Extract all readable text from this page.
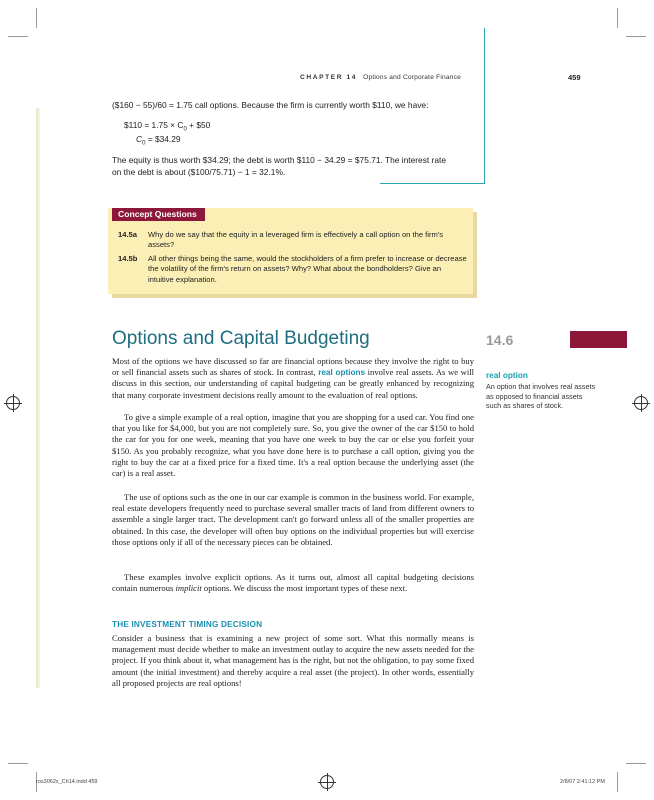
CHAPTER 14 Options and Corporate Finance	459
($160 − 55)/60 = 1.75 call options. Because the firm is currently worth $110, we have:
$110 = $1.75 \times C_0$ + $50
$C_0$ = $34.29
The equity is thus worth $34.29; the debt is worth $110 − 34.29 = $75.71. The interest rate
on the debt is about ($100/75.71) − 1 = 32.1%.
Concept Questions
14.5a Why do we say that the equity in a leveraged firm is effectively a call option on the firm's assets?
14.5b All other things being the same, would the stockholders of a firm prefer to increase or decrease the volatility of the firm's return on assets? Why? What about the bondholders? Give an intuitive explanation.
Options and Capital Budgeting	14.6
real option
An option that involves real assets as opposed to financial assets such as shares of stock.
Most of the options we have discussed so far are financial options because they involve the right to buy or sell financial assets such as shares of stock. In contrast, real options involve real assets. As we will discuss in this section, our understanding of capital budgeting can be greatly enhanced by recognizing that many corporate investment decisions really amount to the evaluation of real options.
To give a simple example of a real option, imagine that you are shopping for a used car. You find one that you like for $4,000, but you are not completely sure. So, you give the owner of the car $150 to hold the car for you for one week, meaning that you have one week to buy the car or else you forfeit your $150. As you probably recognize, what you have done here is to purchase a call option, giving you the right to buy the car at a fixed price for a fixed time. It's a real option because the underlying asset (the car) is a real asset.
The use of options such as the one in our car example is common in the business world. For example, real estate developers frequently need to purchase several smaller tracts of land from different owners to assemble a single larger tract. The development can't go forward unless all of the smaller properties are obtained. In this case, the developer will often buy options on the individual properties but will exercise those options only if all of the necessary pieces can be obtained.
These examples involve explicit options. As it turns out, almost all capital budgeting decisions contain numerous implicit options. We discuss the most important types of these next.
THE INVESTMENT TIMING DECISION
Consider a business that is examining a new project of some sort. What this normally means is management must decide whether to make an investment outlay to acquire the new assets needed for the project. If you think about it, what management has is the right, but not the obligation, to pay some fixed amount (the initial investment) and thereby acquire a real asset (the project). In other words, essentially all proposed projects are real options!
ros3062x_Ch14.indd 459	2/8/07 2:41:12 PM
